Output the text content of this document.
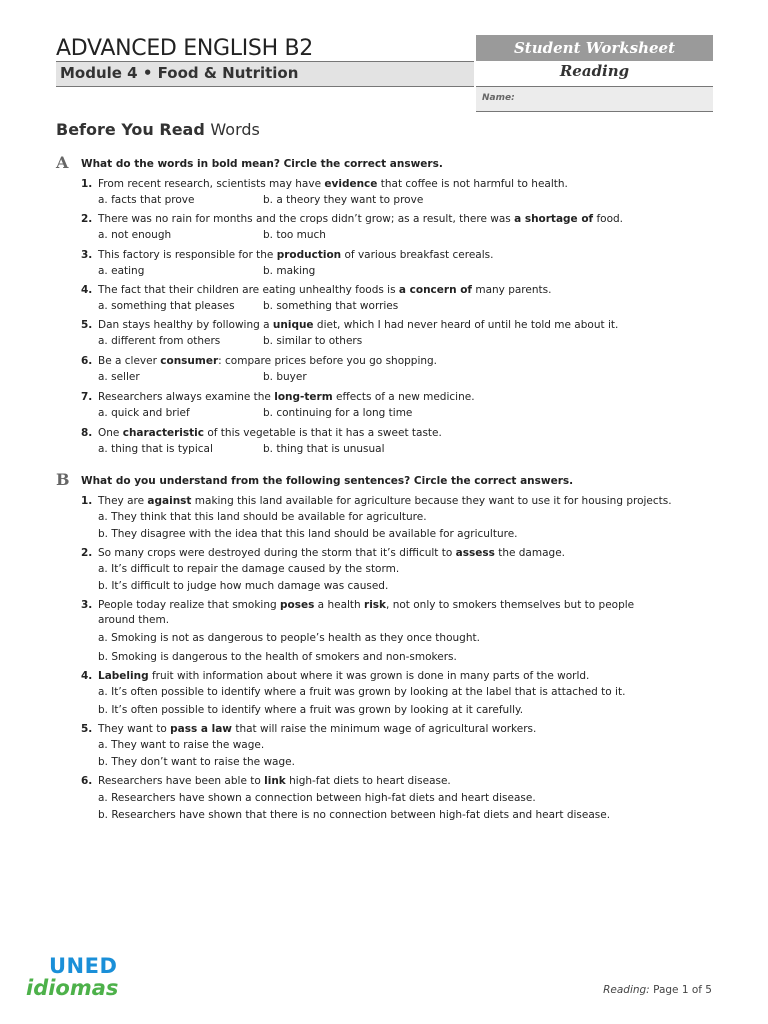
ADVANCED ENGLISH B2
Module 4 • Food & Nutrition
Student Worksheet
Reading
Name:
Before You Read Words
A What do the words in bold mean? Circle the correct answers.
1. From recent research, scientists may have evidence that coffee is not harmful to health.
a. facts that prove	b. a theory they want to prove
2. There was no rain for months and the crops didn’t grow; as a result, there was a shortage of food.
a. not enough	b. too much
3. This factory is responsible for the production of various breakfast cereals.
a. eating	b. making
4. The fact that their children are eating unhealthy foods is a concern of many parents.
a. something that pleases	b. something that worries
5. Dan stays healthy by following a unique diet, which I had never heard of until he told me about it.
a. different from others	b. similar to others
6. Be a clever consumer: compare prices before you go shopping.
a. seller	b. buyer
7. Researchers always examine the long-term effects of a new medicine.
a. quick and brief	b. continuing for a long time
8. One characteristic of this vegetable is that it has a sweet taste.
a. thing that is typical	b. thing that is unusual
B What do you understand from the following sentences? Circle the correct answers.
1. They are against making this land available for agriculture because they want to use it for housing projects.
a. They think that this land should be available for agriculture.
b. They disagree with the idea that this land should be available for agriculture.
2. So many crops were destroyed during the storm that it’s difficult to assess the damage.
a. It’s difficult to repair the damage caused by the storm.
b. It’s difficult to judge how much damage was caused.
3. People today realize that smoking poses a health risk, not only to smokers themselves but to people
around them.
a. Smoking is not as dangerous to people’s health as they once thought.
b. Smoking is dangerous to the health of smokers and non-smokers.
4. Labeling fruit with information about where it was grown is done in many parts of the world.
a. It’s often possible to identify where a fruit was grown by looking at the label that is attached to it.
b. It’s often possible to identify where a fruit was grown by looking at it carefully.
5. They want to pass a law that will raise the minimum wage of agricultural workers.
a. They want to raise the wage.
b. They don’t want to raise the wage.
6. Researchers have been able to link high-fat diets to heart disease.
a. Researchers have shown a connection between high-fat diets and heart disease.
b. Researchers have shown that there is no connection between high-fat diets and heart disease.
UNED
idiomas	Reading: Page 1 of 5
